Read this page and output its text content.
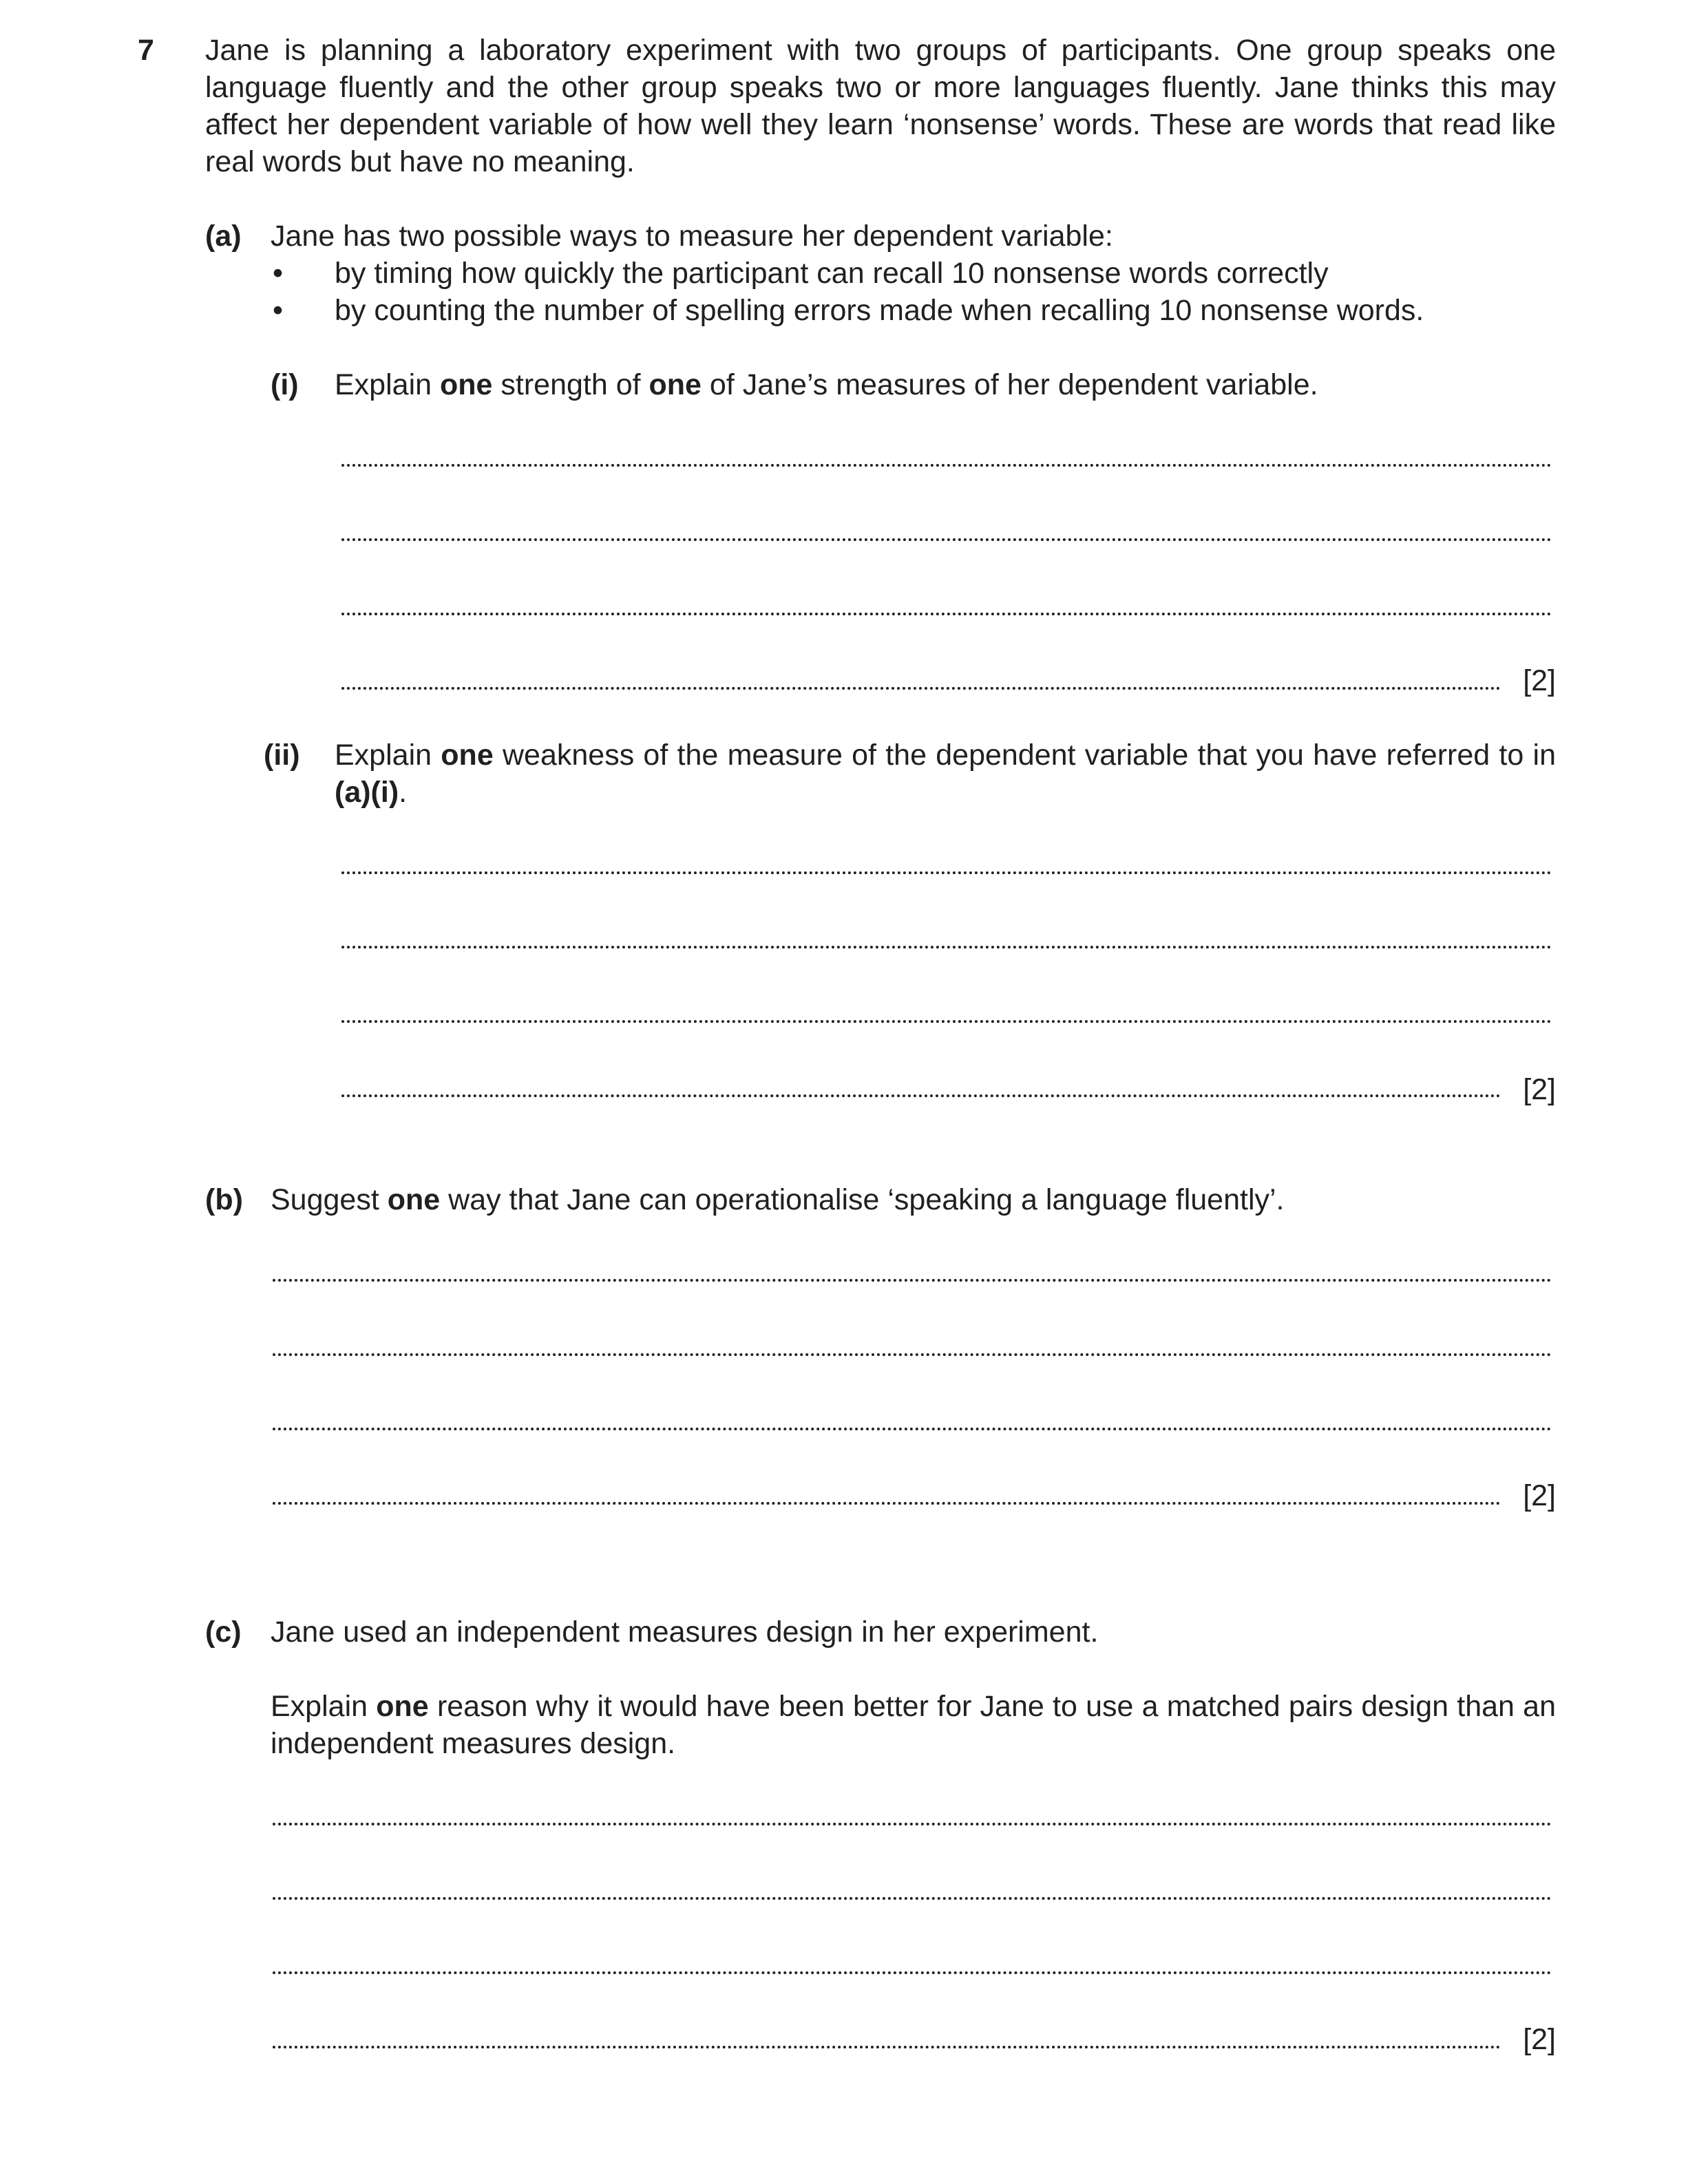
7 Jane is planning a laboratory experiment with two groups of participants. One group speaks one language fluently and the other group speaks two or more languages fluently. Jane thinks this may affect her dependent variable of how well they learn ‘nonsense’ words. These are words that read like real words but have no meaning.
(a) Jane has two possible ways to measure her dependent variable:
• by timing how quickly the participant can recall 10 nonsense words correctly
• by counting the number of spelling errors made when recalling 10 nonsense words.
(i) Explain one strength of one of Jane’s measures of her dependent variable.
[2]
(ii) Explain one weakness of the measure of the dependent variable that you have referred to in (a)(i).
[2]
(b) Suggest one way that Jane can operationalise ‘speaking a language fluently’.
[2]
(c) Jane used an independent measures design in her experiment.
Explain one reason why it would have been better for Jane to use a matched pairs design than an independent measures design.
[2]
